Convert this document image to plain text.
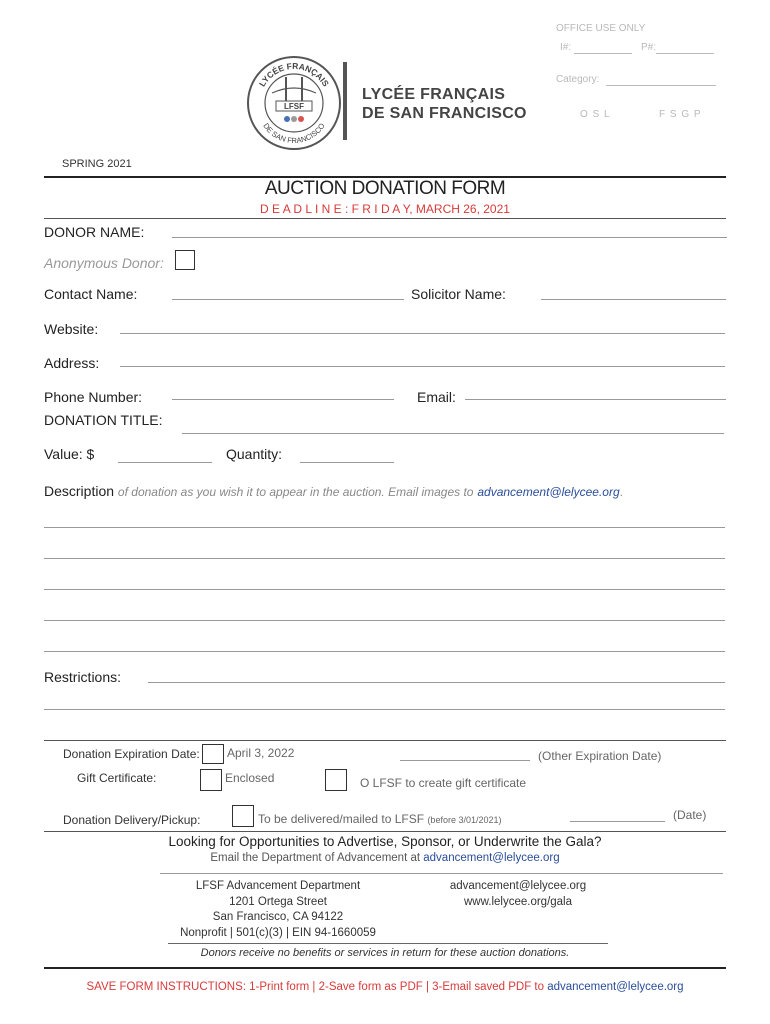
OFFICE USE ONLY
I#:	P#:
Category:
O S L	F S G P
LYCÉE FRANÇAIS
DE SAN FRANCISCO
LFSF
LYCÉE FRANÇAIS
DE SAN FRANCISCO
SPRING 2021
AUCTION DONATION FORM
D E A D L I N E : F R I D A Y, MARCH 26, 2021
DONOR NAME:
Anonymous Donor:
Contact Name:	Solicitor Name:
Website:
Address:
Phone Number:	Email:
DONATION TITLE:
Value: $	Quantity:
Description of donation as you wish it to appear in the auction. Email images to advancement@lelycee.org.
Restrictions:
Donation Expiration Date: April 3, 2022	(Other Expiration Date)
Gift Certificate:	Enclosed	O LFSF to create gift certificate
Donation Delivery/Pickup:	To be delivered/mailed to LFSF (before 3/01/2021)	(Date)
Looking for Opportunities to Advertise, Sponsor, or Underwrite the Gala?
Email the Department of Advancement at advancement@lelycee.org
LFSF Advancement Department
1201 Ortega Street
San Francisco, CA 94122
Nonprofit | 501(c)(3) | EIN 94-1660059
advancement@lelycee.org
www.lelycee.org/gala
Donors receive no benefits or services in return for these auction donations.
SAVE FORM INSTRUCTIONS: 1-Print form | 2-Save form as PDF | 3-Email saved PDF to advancement@lelycee.org
